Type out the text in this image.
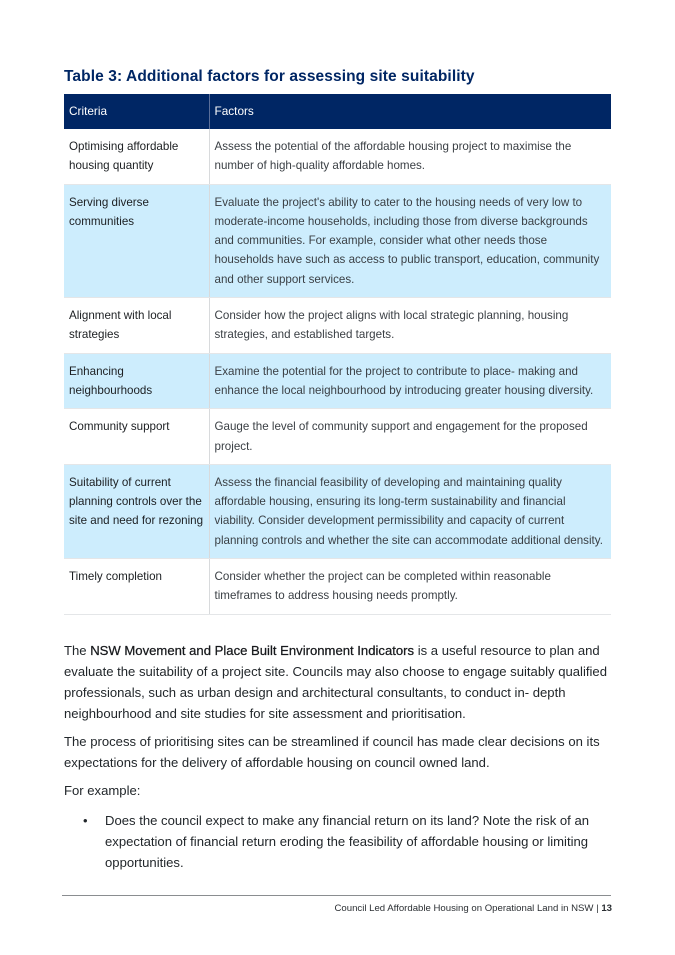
Table 3: Additional factors for assessing site suitability
Criteria	Factors
Optimising affordable housing quantity	Assess the potential of the affordable housing project to maximise the number of high-quality affordable homes.
Serving diverse communities	Evaluate the project's ability to cater to the housing needs of very low to moderate-income households, including those from diverse backgrounds and communities. For example, consider what other needs those households have such as access to public transport, education, community and other support services.
Alignment with local strategies	Consider how the project aligns with local strategic planning, housing strategies, and established targets.
Enhancing neighbourhoods	Examine the potential for the project to contribute to place- making and enhance the local neighbourhood by introducing greater housing diversity.
Community support	Gauge the level of community support and engagement for the proposed project.
Suitability of current planning controls over the site and need for rezoning	Assess the financial feasibility of developing and maintaining quality affordable housing, ensuring its long-term sustainability and financial viability. Consider development permissibility and capacity of current planning controls and whether the site can accommodate additional density.
Timely completion	Consider whether the project can be completed within reasonable timeframes to address housing needs promptly.

The NSW Movement and Place Built Environment Indicators is a useful resource to plan and evaluate the suitability of a project site. Councils may also choose to engage suitably qualified professionals, such as urban design and architectural consultants, to conduct in- depth neighbourhood and site studies for site assessment and prioritisation.

The process of prioritising sites can be streamlined if council has made clear decisions on its expectations for the delivery of affordable housing on council owned land.

For example:

• Does the council expect to make any financial return on its land? Note the risk of an expectation of financial return eroding the feasibility of affordable housing or limiting opportunities.
Council Led Affordable Housing on Operational Land in NSW | 13
